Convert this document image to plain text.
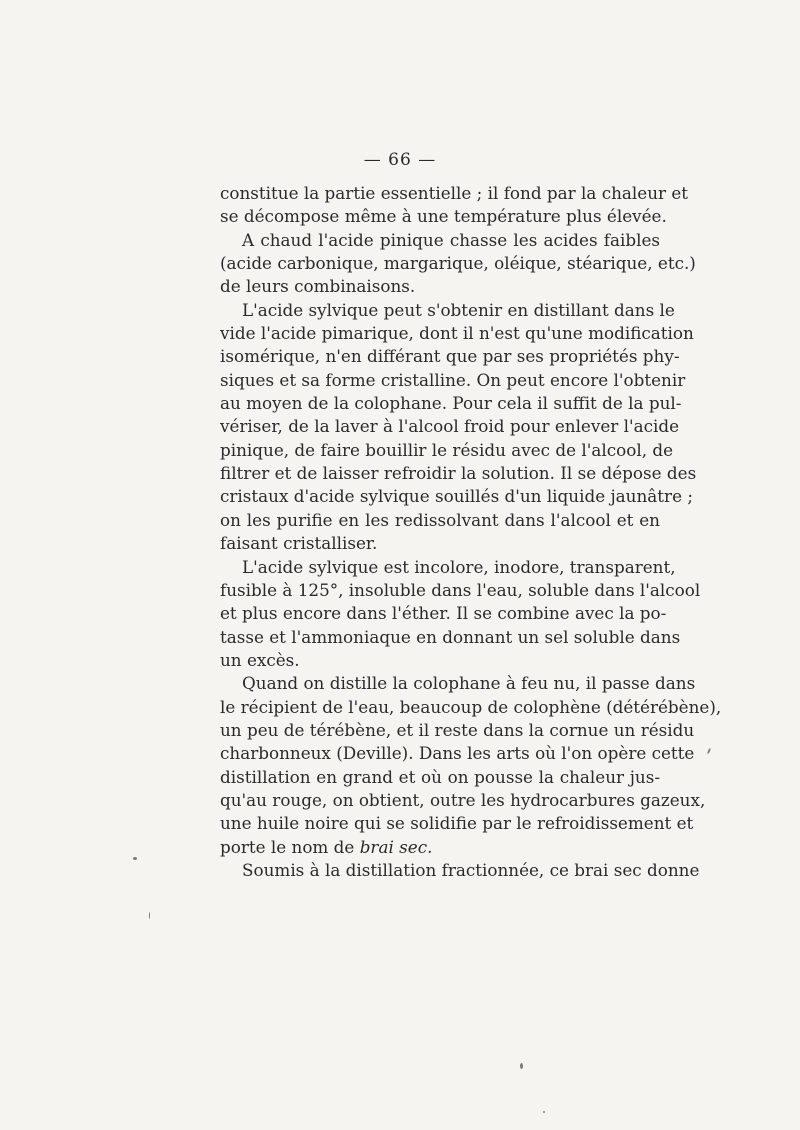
— 66 —
constitue la partie essentielle ; il fond par la chaleur et
se décompose même à une température plus élevée.
A chaud l'acide pinique chasse les acides faibles
(acide carbonique, margarique, oléique, stéarique, etc.)
de leurs combinaisons.
L'acide sylvique peut s'obtenir en distillant dans le
vide l'acide pimarique, dont il n'est qu'une modification
isomérique, n'en différant que par ses propriétés phy-
siques et sa forme cristalline. On peut encore l'obtenir
au moyen de la colophane. Pour cela il suffit de la pul-
vériser, de la laver à l'alcool froid pour enlever l'acide
pinique, de faire bouillir le résidu avec de l'alcool, de
filtrer et de laisser refroidir la solution. Il se dépose des
cristaux d'acide sylvique souillés d'un liquide jaunâtre ;
on les purifie en les redissolvant dans l'alcool et en
faisant cristalliser.
L'acide sylvique est incolore, inodore, transparent,
fusible à 125°, insoluble dans l'eau, soluble dans l'alcool
et plus encore dans l'éther. Il se combine avec la po-
tasse et l'ammoniaque en donnant un sel soluble dans
un excès.
Quand on distille la colophane à feu nu, il passe dans
le récipient de l'eau, beaucoup de colophène (détérébène),
un peu de térébène, et il reste dans la cornue un résidu
charbonneux (Deville). Dans les arts où l'on opère cette
distillation en grand et où on pousse la chaleur jus-
qu'au rouge, on obtient, outre les hydrocarbures gazeux,
une huile noire qui se solidifie par le refroidissement et
porte le nom de brai sec.
Soumis à la distillation fractionnée, ce brai sec donne
